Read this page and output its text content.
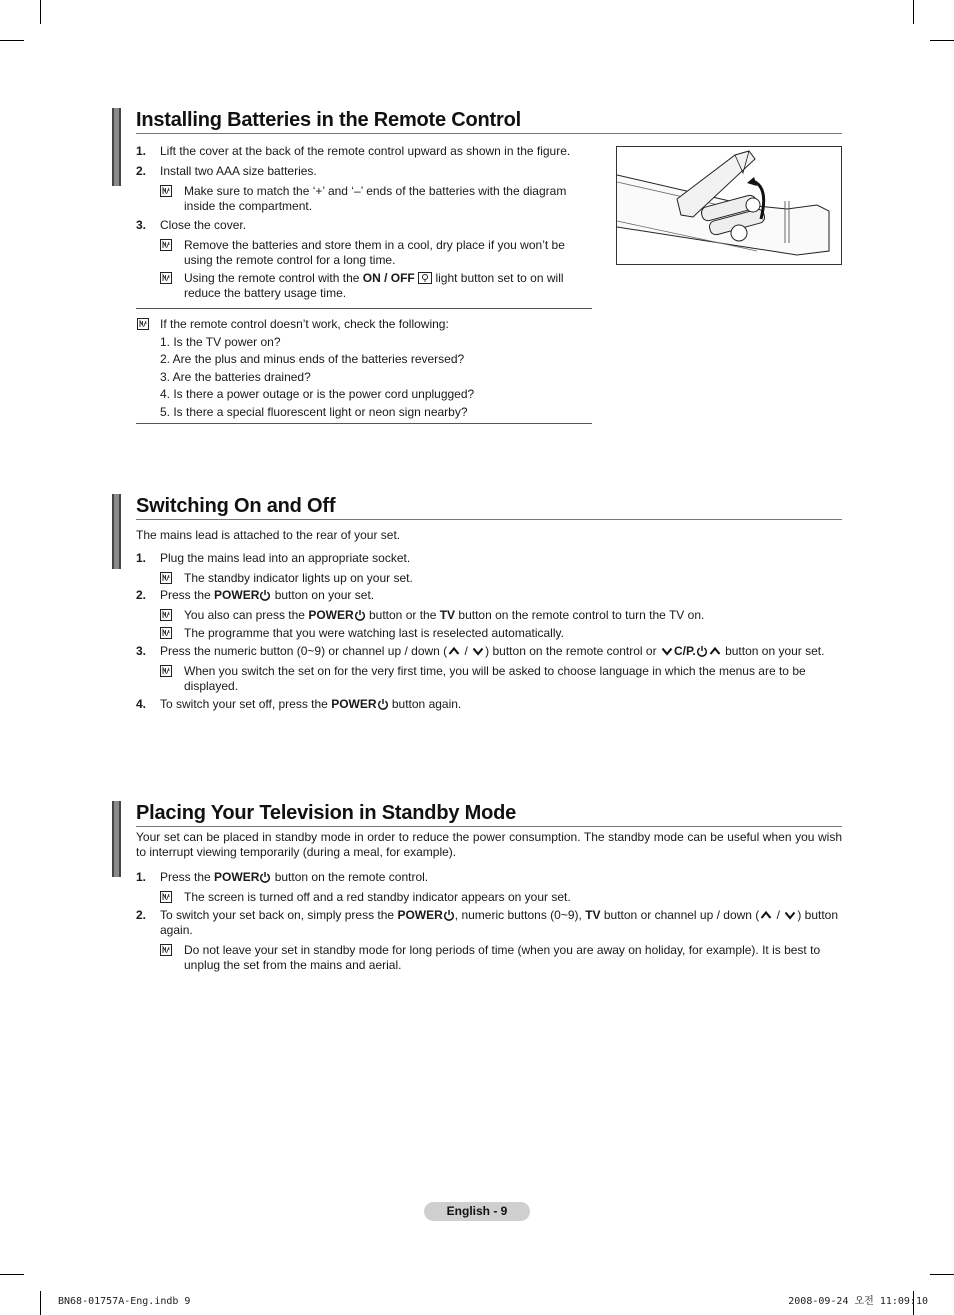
Installing Batteries in the Remote Control
1. Lift the cover at the back of the remote control upward as shown in the figure.
2. Install two AAA size batteries.
Make sure to match the ‘+’ and ‘–’ ends of the batteries with the diagram inside the compartment.
3. Close the cover.
Remove the batteries and store them in a cool, dry place if you won’t be using the remote control for a long time.
Using the remote control with the ON / OFF  light button set to on will reduce the battery usage time.
If the remote control doesn’t work, check the following:
1. Is the TV power on?
2. Are the plus and minus ends of the batteries reversed?
3. Are the batteries drained?
4. Is there a power outage or is the power cord unplugged?
5. Is there a special fluorescent light or neon sign nearby?
Switching On and Off
The mains lead is attached to the rear of your set.
1. Plug the mains lead into an appropriate socket.
The standby indicator lights up on your set.
2. Press the POWER button on your set.
You also can press the POWER button or the TV button on the remote control to turn the TV on.
The programme that you were watching last is reselected automatically.
3. Press the numeric button (0~9) or channel up / down ( / ) button on the remote control or C/P. button on your set.
When you switch the set on for the very first time, you will be asked to choose language in which the menus are to be displayed.
4. To switch your set off, press the POWER button again.
Placing Your Television in Standby Mode
Your set can be placed in standby mode in order to reduce the power consumption. The standby mode can be useful when you wish to interrupt viewing temporarily (during a meal, for example).
1. Press the POWER button on the remote control.
The screen is turned off and a red standby indicator appears on your set.
2. To switch your set back on, simply press the POWER , numeric buttons (0~9), TV button or channel up / down ( / ) button again.
Do not leave your set in standby mode for long periods of time (when you are away on holiday, for example). It is best to unplug the set from the mains and aerial.
English - 9
BN68-01757A-Eng.indb 9	2008-09-24 오전 11:09:10
